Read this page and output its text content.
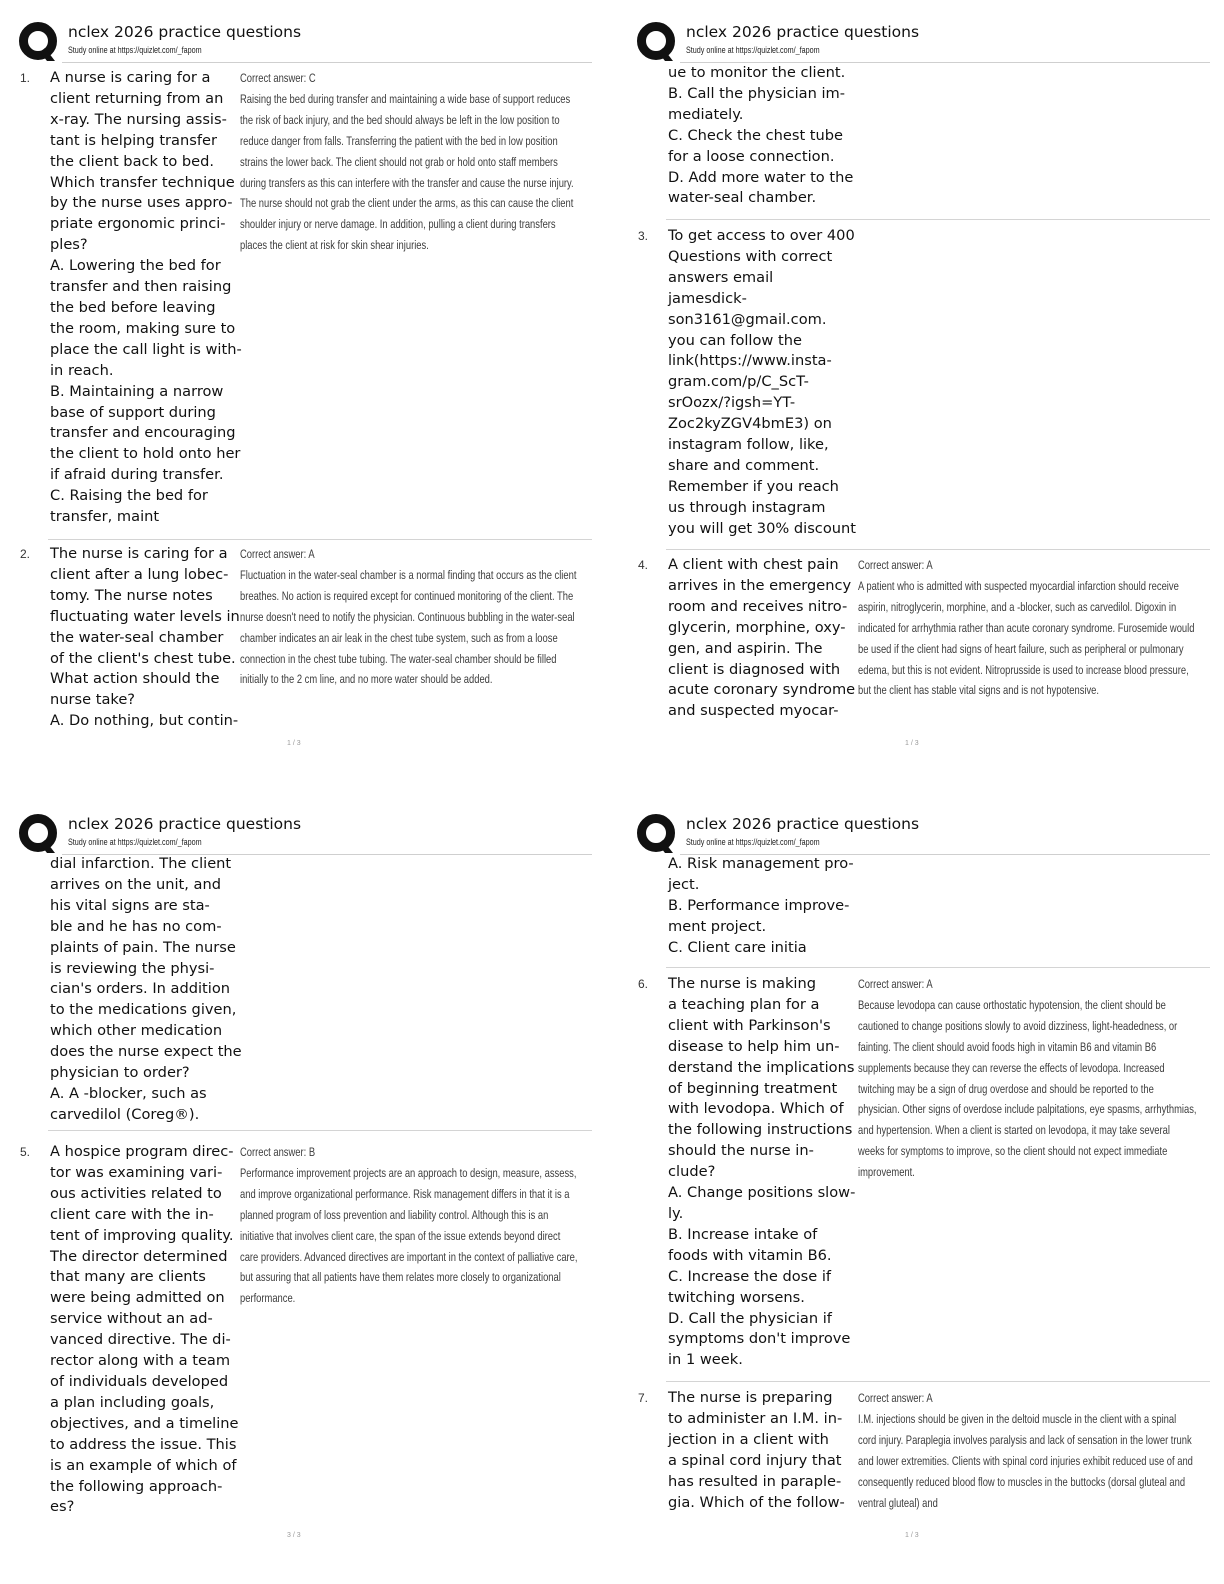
nclex 2026 practice questions
Study online at https://quizlet.com/_fapom
1. A nurse is caring for a
client returning from an
x-ray. The nursing assis-
tant is helping transfer
the client back to bed.
Which transfer technique
by the nurse uses appro-
priate ergonomic princi-
ples?
A. Lowering the bed for
transfer and then raising
the bed before leaving
the room, making sure to
place the call light is with-
in reach.
B. Maintaining a narrow
base of support during
transfer and encouraging
the client to hold onto her
if afraid during transfer.
C. Raising the bed for
transfer, maint
Correct answer: C
Raising the bed during transfer and maintaining a wide base of support reduces the risk of back injury, and the bed should always be left in the low position to reduce danger from falls. Transferring the patient with the bed in low position strains the lower back. The client should not grab or hold onto staff members during transfers as this can interfere with the transfer and cause the nurse injury. The nurse should not grab the client under the arms, as this can cause the client shoulder injury or nerve damage. In addition, pulling a client during transfers places the client at risk for skin shear injuries.
2. The nurse is caring for a
client after a lung lobec-
tomy. The nurse notes
fluctuating water levels in
the water-seal chamber
of the client's chest tube.
What action should the
nurse take?
A. Do nothing, but contin-
Correct answer: A
Fluctuation in the water-seal chamber is a normal finding that occurs as the client breathes. No action is required except for continued monitoring of the client. The nurse doesn't need to notify the physician. Continuous bubbling in the water-seal chamber indicates an air leak in the chest tube system, such as from a loose connection in the chest tube tubing. The water-seal chamber should be filled initially to the 2 cm line, and no more water should be added.
1 / 3
nclex 2026 practice questions
Study online at https://quizlet.com/_fapom
ue to monitor the client.
B. Call the physician im-
mediately.
C. Check the chest tube
for a loose connection.
D. Add more water to the
water-seal chamber.
3. To get access to over 400
Questions with correct
answers email
jamesdick-
son3161@gmail.com.
you can follow the
link(https://www.insta-
gram.com/p/C_ScT-
srOozx/?igsh=YT-
Zoc2kyZGV4bmE3) on
instagram follow, like,
share and comment.
Remember if you reach
us through instagram
you will get 30% discount
4. A client with chest pain
arrives in the emergency
room and receives nitro-
glycerin, morphine, oxy-
gen, and aspirin. The
client is diagnosed with
acute coronary syndrome
and suspected myocar-
Correct answer: A
A patient who is admitted with suspected myocardial infarction should receive aspirin, nitroglycerin, morphine, and a -blocker, such as carvedilol. Digoxin in indicated for arrhythmia rather than acute coronary syndrome. Furosemide would be used if the client had signs of heart failure, such as peripheral or pulmonary edema, but this is not evident. Nitroprusside is used to increase blood pressure, but the client has stable vital signs and is not hypotensive.
1 / 3
nclex 2026 practice questions
Study online at https://quizlet.com/_fapom
dial infarction. The client
arrives on the unit, and
his vital signs are sta-
ble and he has no com-
plaints of pain. The nurse
is reviewing the physi-
cian's orders. In addition
to the medications given,
which other medication
does the nurse expect the
physician to order?
A. A -blocker, such as
carvedilol (Coreg®).
5. A hospice program direc-
tor was examining vari-
ous activities related to
client care with the in-
tent of improving quality.
The director determined
that many are clients
were being admitted on
service without an ad-
vanced directive. The di-
rector along with a team
of individuals developed
a plan including goals,
objectives, and a timeline
to address the issue. This
is an example of which of
the following approach-
es?
Correct answer: B
Performance improvement projects are an approach to design, measure, assess, and improve organizational performance. Risk management differs in that it is a planned program of loss prevention and liability control. Although this is an initiative that involves client care, the span of the issue extends beyond direct care providers. Advanced directives are important in the context of palliative care, but assuring that all patients have them relates more closely to organizational performance.
3 / 3
nclex 2026 practice questions
Study online at https://quizlet.com/_fapom
A. Risk management pro-
ject.
B. Performance improve-
ment project.
C. Client care initia
6. The nurse is making
a teaching plan for a
client with Parkinson's
disease to help him un-
derstand the implications
of beginning treatment
with levodopa. Which of
the following instructions
should the nurse in-
clude?
A. Change positions slow-
ly.
B. Increase intake of
foods with vitamin B6.
C. Increase the dose if
twitching worsens.
D. Call the physician if
symptoms don't improve
in 1 week.
Correct answer: A
Because levodopa can cause orthostatic hypotension, the client should be cautioned to change positions slowly to avoid dizziness, light-headedness, or fainting. The client should avoid foods high in vitamin B6 and vitamin B6 supplements because they can reverse the effects of levodopa. Increased twitching may be a sign of drug overdose and should be reported to the physician. Other signs of overdose include palpitations, eye spasms, arrhythmias, and hypertension. When a client is started on levodopa, it may take several weeks for symptoms to improve, so the client should not expect immediate improvement.
7. The nurse is preparing
to administer an I.M. in-
jection in a client with
a spinal cord injury that
has resulted in paraple-
gia. Which of the follow-
Correct answer: A
I.M. injections should be given in the deltoid muscle in the client with a spinal cord injury. Paraplegia involves paralysis and lack of sensation in the lower trunk and lower extremities. Clients with spinal cord injuries exhibit reduced use of and consequently reduced blood flow to muscles in the buttocks (dorsal gluteal and ventral gluteal) and
1 / 3
